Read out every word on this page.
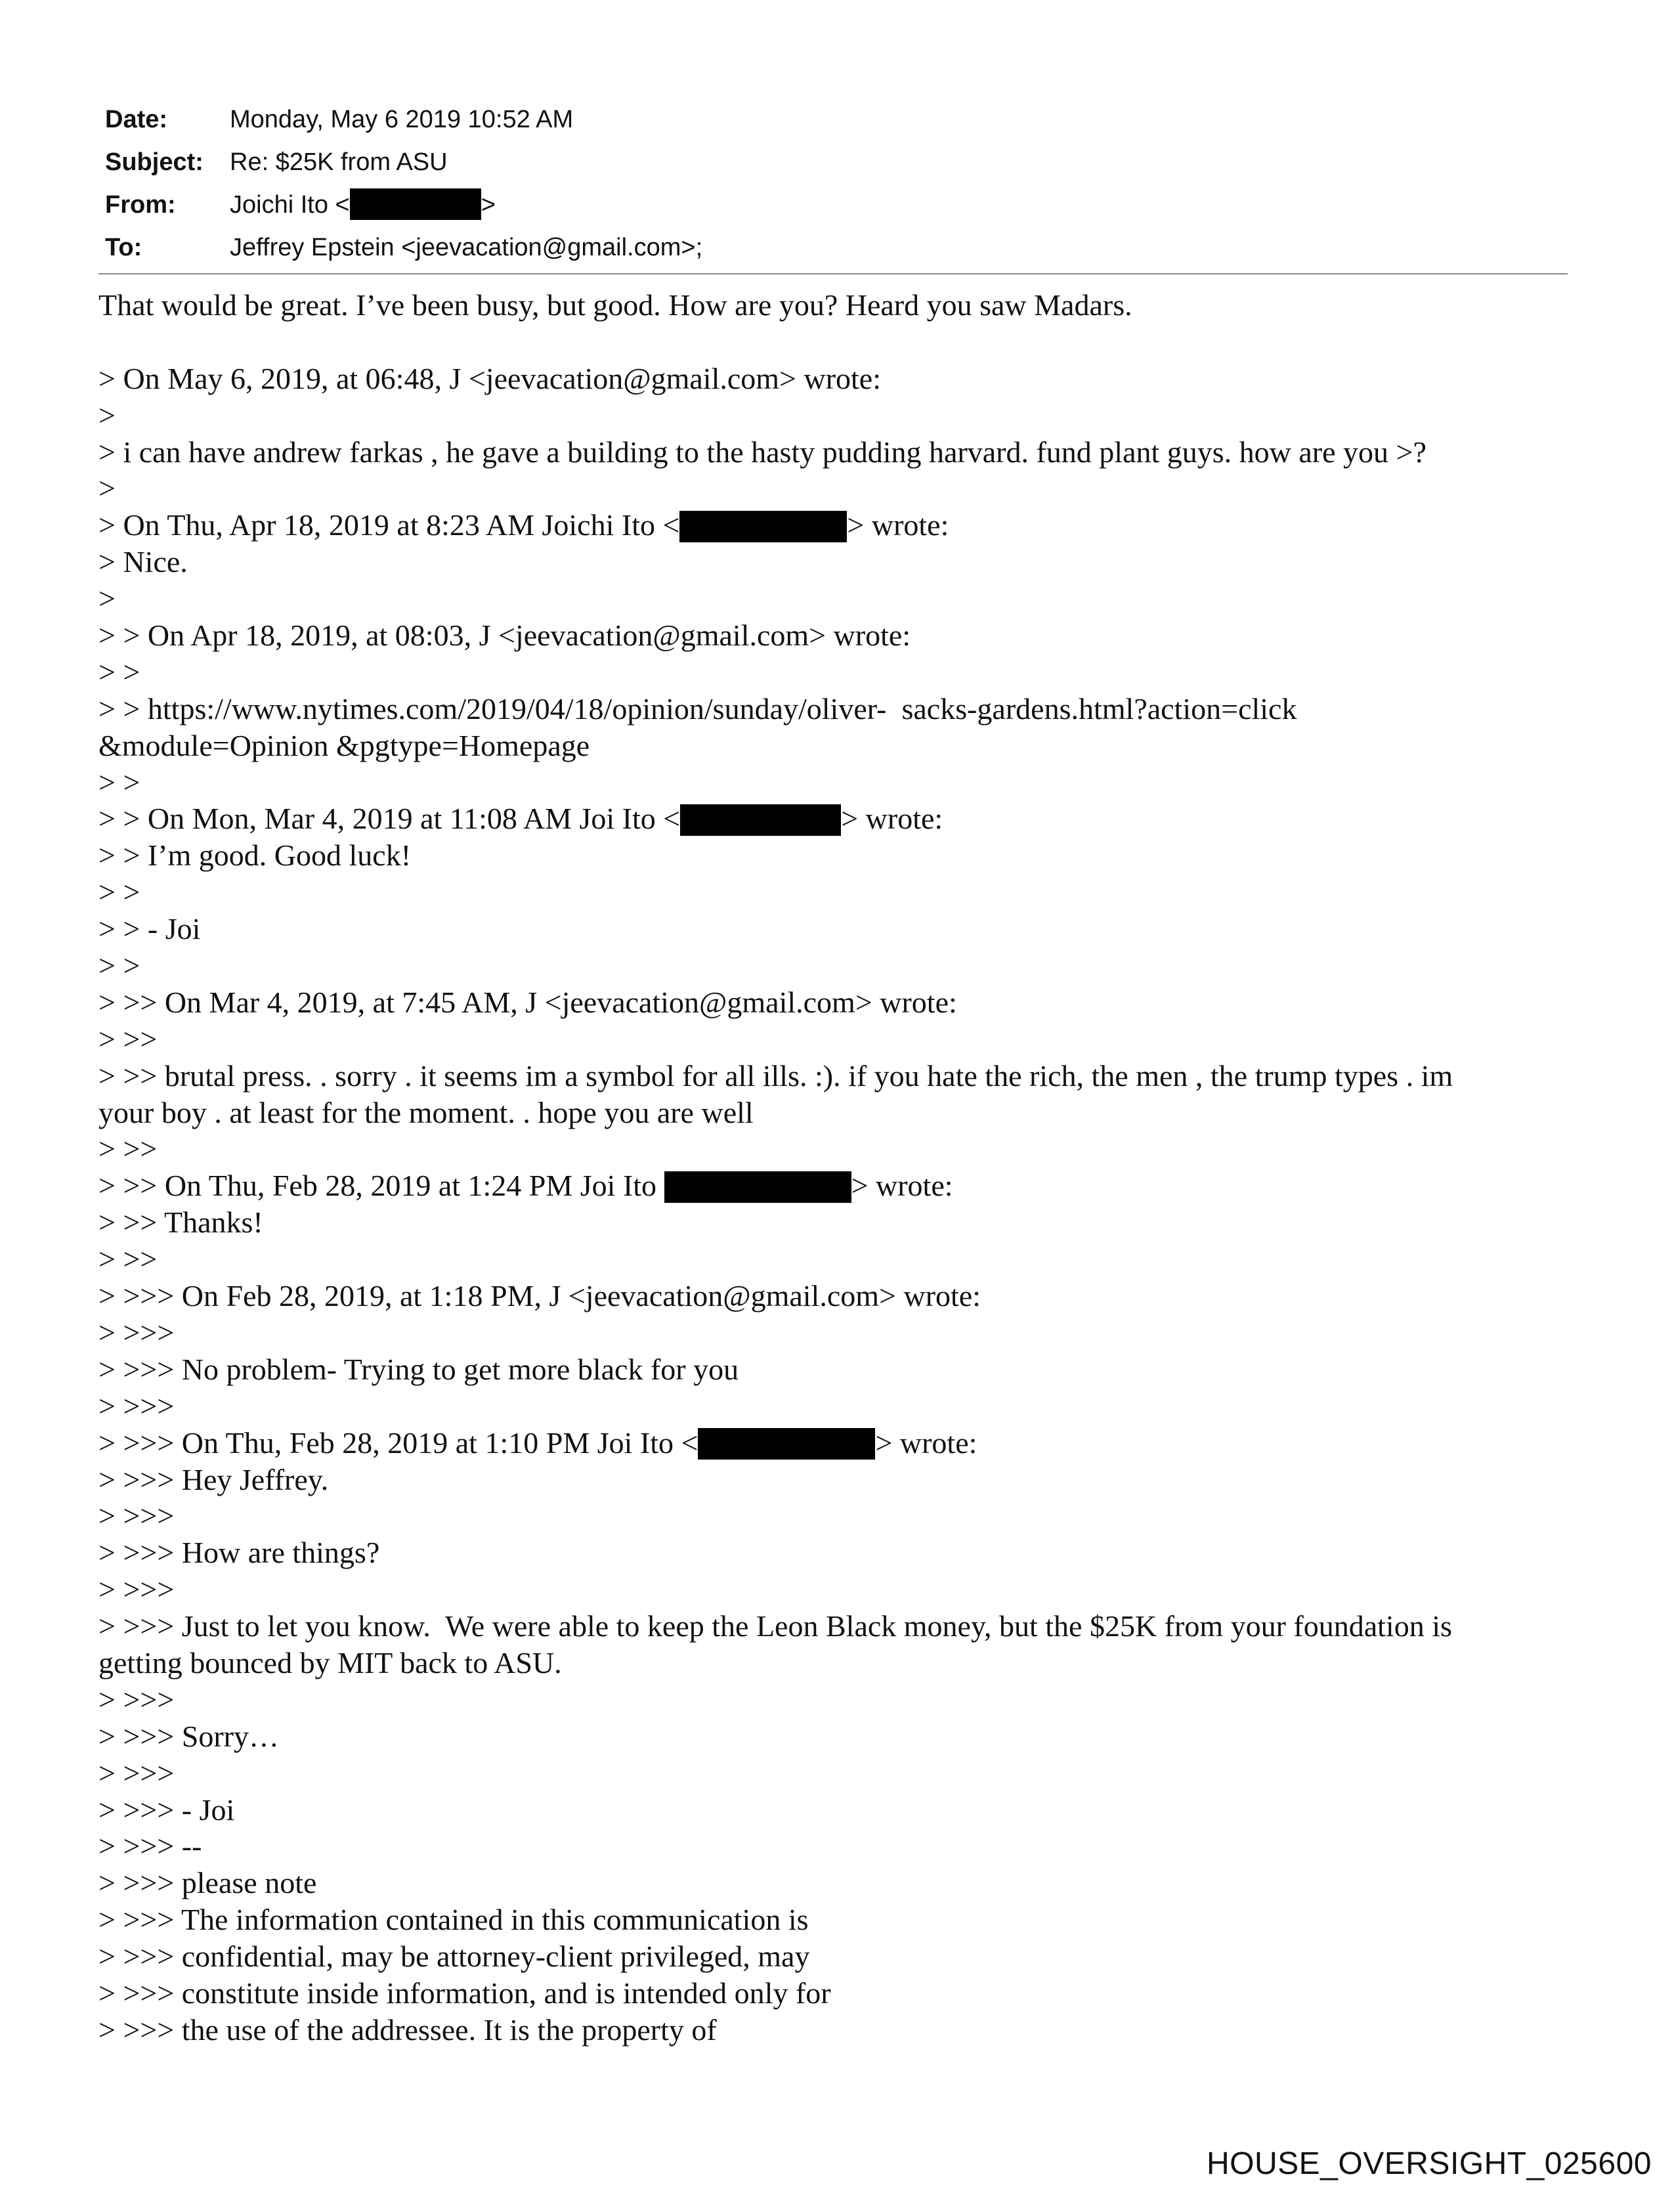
Date: Monday, May 6 2019 10:52 AM
Subject: Re: $25K from ASU
From: Joichi Ito <	>
To:	Jeffrey Epstein <jeevacation@gmail.com>;
That would be great. I’ve been busy, but good. How are you? Heard you saw Madars.
> On May 6, 2019, at 06:48, J <jeevacation@gmail.com> wrote:
>
> i can have andrew farkas , he gave a building to the hasty pudding harvard. fund plant guys. how are you >?
>
> On Thu, Apr 18, 2019 at 8:23 AM Joichi Ito <	> wrote:
> Nice.
>
> > On Apr 18, 2019, at 08:03, J <jeevacation@gmail.com> wrote:
> >
> > https://www.nytimes.com/2019/04/18/opinion/sunday/oliver-  sacks-gardens.html?action=click
&module=Opinion &pgtype=Homepage
> >
> > On Mon, Mar 4, 2019 at 11:08 AM Joi Ito <	> wrote:
> > I’m good. Good luck!
> >
> > - Joi
> >
> >> On Mar 4, 2019, at 7:45 AM, J <jeevacation@gmail.com> wrote:
> >>
> >> brutal press. . sorry . it seems im a symbol for all ills. :). if you hate the rich, the men , the trump types . im
your boy . at least for the moment. . hope you are well
> >>
> >> On Thu, Feb 28, 2019 at 1:24 PM Joi Ito	> wrote:
> >> Thanks!
> >>
> >>> On Feb 28, 2019, at 1:18 PM, J <jeevacation@gmail.com> wrote:
> >>>
> >>> No problem- Trying to get more black for you
> >>>
> >>> On Thu, Feb 28, 2019 at 1:10 PM Joi Ito <	> wrote:
> >>> Hey Jeffrey.
> >>>
> >>> How are things?
> >>>
> >>> Just to let you know.  We were able to keep the Leon Black money, but the $25K from your foundation is
getting bounced by MIT back to ASU.
> >>>
> >>> Sorry…
> >>>
> >>> - Joi
> >>> --
> >>> please note
> >>> The information contained in this communication is
> >>> confidential, may be attorney-client privileged, may
> >>> constitute inside information, and is intended only for
> >>> the use of the addressee. It is the property of
HOUSE_OVERSIGHT_025600
